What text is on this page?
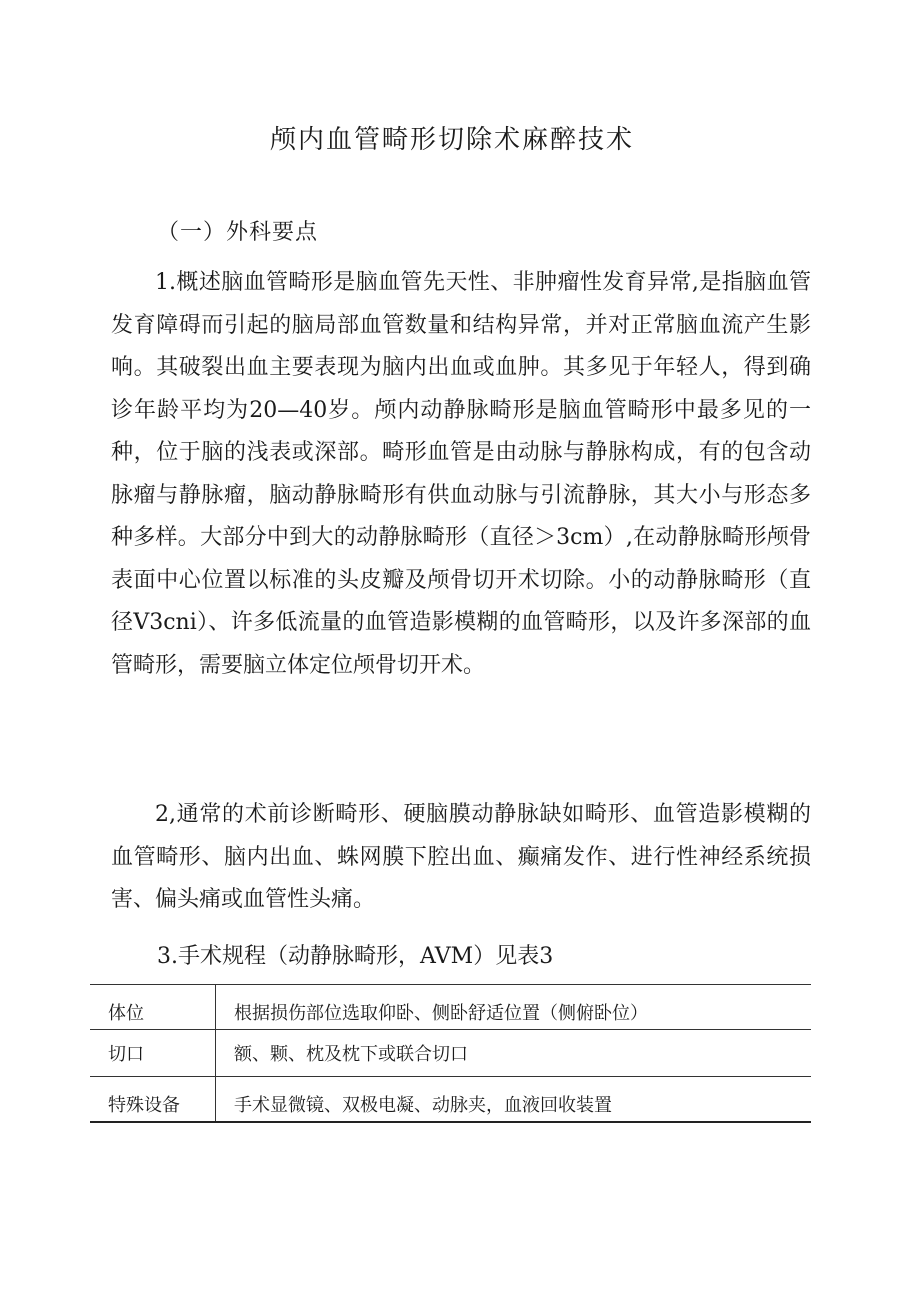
颅内血管畸形切除术麻醉技术
（一）外科要点

1.概述脑血管畸形是脑血管先天性、非肿瘤性发育异常,是指脑血管发育障碍而引起的脑局部血管数量和结构异常，并对正常脑血流产生影响。其破裂出血主要表现为脑内出血或血肿。其多见于年轻人，得到确诊年龄平均为20—40岁。颅内动静脉畸形是脑血管畸形中最多见的一种，位于脑的浅表或深部。畸形血管是由动脉与静脉构成，有的包含动脉瘤与静脉瘤，脑动静脉畸形有供血动脉与引流静脉，其大小与形态多种多样。大部分中到大的动静脉畸形（直径＞3cm）,在动静脉畸形颅骨表面中心位置以标准的头皮瓣及颅骨切开术切除。小的动静脉畸形（直径V3cni）、许多低流量的血管造影模糊的血管畸形，以及许多深部的血管畸形，需要脑立体定位颅骨切开术。

2,通常的术前诊断畸形、硬脑膜动静脉缺如畸形、血管造影模糊的血管畸形、脑内出血、蛛网膜下腔出血、癫痛发作、进行性神经系统损害、偏头痛或血管性头痛。

3.手术规程（动静脉畸形，AVM）见表3
体位	根据损伤部位选取仰卧、侧卧舒适位置（侧俯卧位）
切口	额、颗、枕及枕下或联合切口
特殊设备	手术显微镜、双极电凝、动脉夹，血液回收装置
